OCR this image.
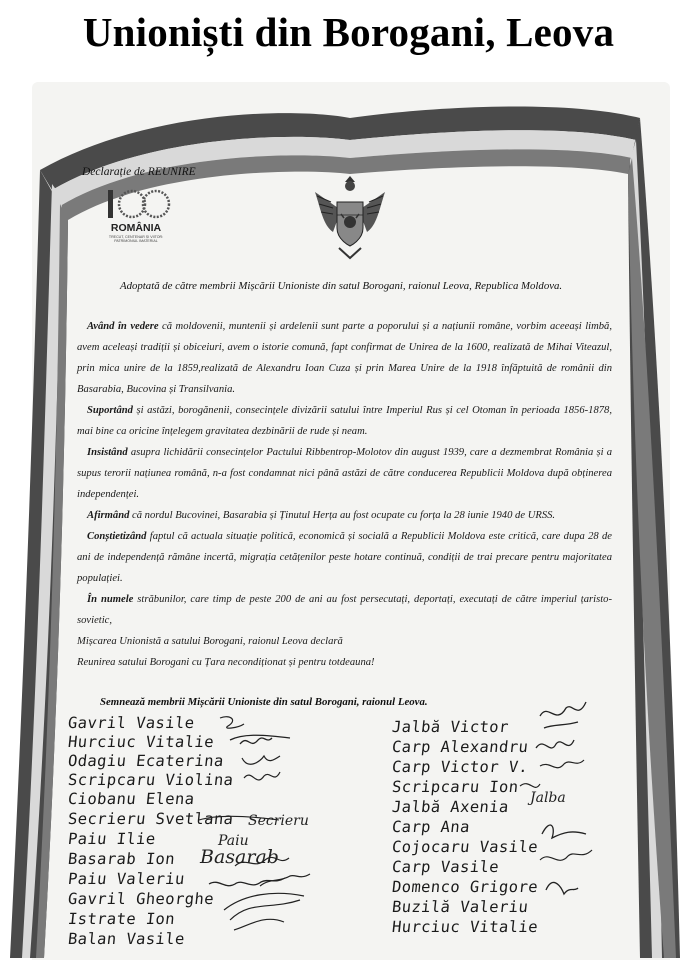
Unioniști din Borogani, Leova
Declarație de REUNIRE
ROMÂNIA
TRECUT, CENTENAR ȘI VIITOR: PATRIMONIUL IMATERIAL
Adoptată de către membrii Mișcării Unioniste din satul Borogani, raionul Leova, Republica Moldova.

Având în vedere că moldovenii, muntenii și ardelenii sunt parte a poporului și a națiunii române, vorbim aceeași limbă, avem aceleași tradiții și obiceiuri, avem o istorie comună, fapt confirmat de Unirea de la 1600, realizată de Mihai Viteazul, prin mica unire de la 1859,realizată de Alexandru Ioan Cuza și prin Marea Unire de la 1918 înfăptuită de românii din Basarabia, Bucovina și Transilvania.

Suportând și astăzi, borogănenii, consecințele divizării satului între Imperiul Rus și cel Otoman în perioada 1856-1878, mai bine ca oricine înțelegem gravitatea dezbinării de rude și neam.

Insistând asupra lichidării consecințelor Pactului Ribbentrop-Molotov din august 1939, care a dezmembrat România și a supus terorii națiunea română, n-a fost condamnat nici până astăzi de către conducerea Republicii Moldova după obținerea independenței.

Afirmând că nordul Bucovinei, Basarabia și Ținutul Herța au fost ocupate cu forța la 28 iunie 1940 de URSS.

Conștietizând faptul că actuala situație politică, economică și socială a Republicii Moldova este critică, care dupa 28 de ani de independență rămâne incertă, migrația cetățenilor peste hotare continuă, condiții de trai precare pentru majoritatea populației.

În numele străbunilor, care timp de peste 200 de ani au fost persecutați, deportați, executați de către imperiul țaristo-sovietic,

Mișcarea Unionistă a satului Borogani, raionul Leova declară

Reunirea satului Borogani cu Țara necondiționat și pentru totdeauna!

Semnează membrii Mișcării Unioniste din satul Borogani, raionul Leova.
Gavril Vasile
Hurciuc Vitalie
Odagiu Ecaterina
Scripcaru Violina
Ciobanu Elena
Secrieru Svetlana
Paiu Ilie
Basarab Ion
Paiu Valeriu
Gavril Gheorghe
Istrate Ion
Balan Vasile
Jalbă Victor
Carp Alexandru
Carp Victor V.
Scripcaru Ion
Jalbă Axenia
Carp Ana
Cojocaru Vasile
Carp Vasile
Domenco Grigore
Buzilă Valeriu
Hurciuc Vitalie
Secrieru
Paiu
Basarab
Jalba
